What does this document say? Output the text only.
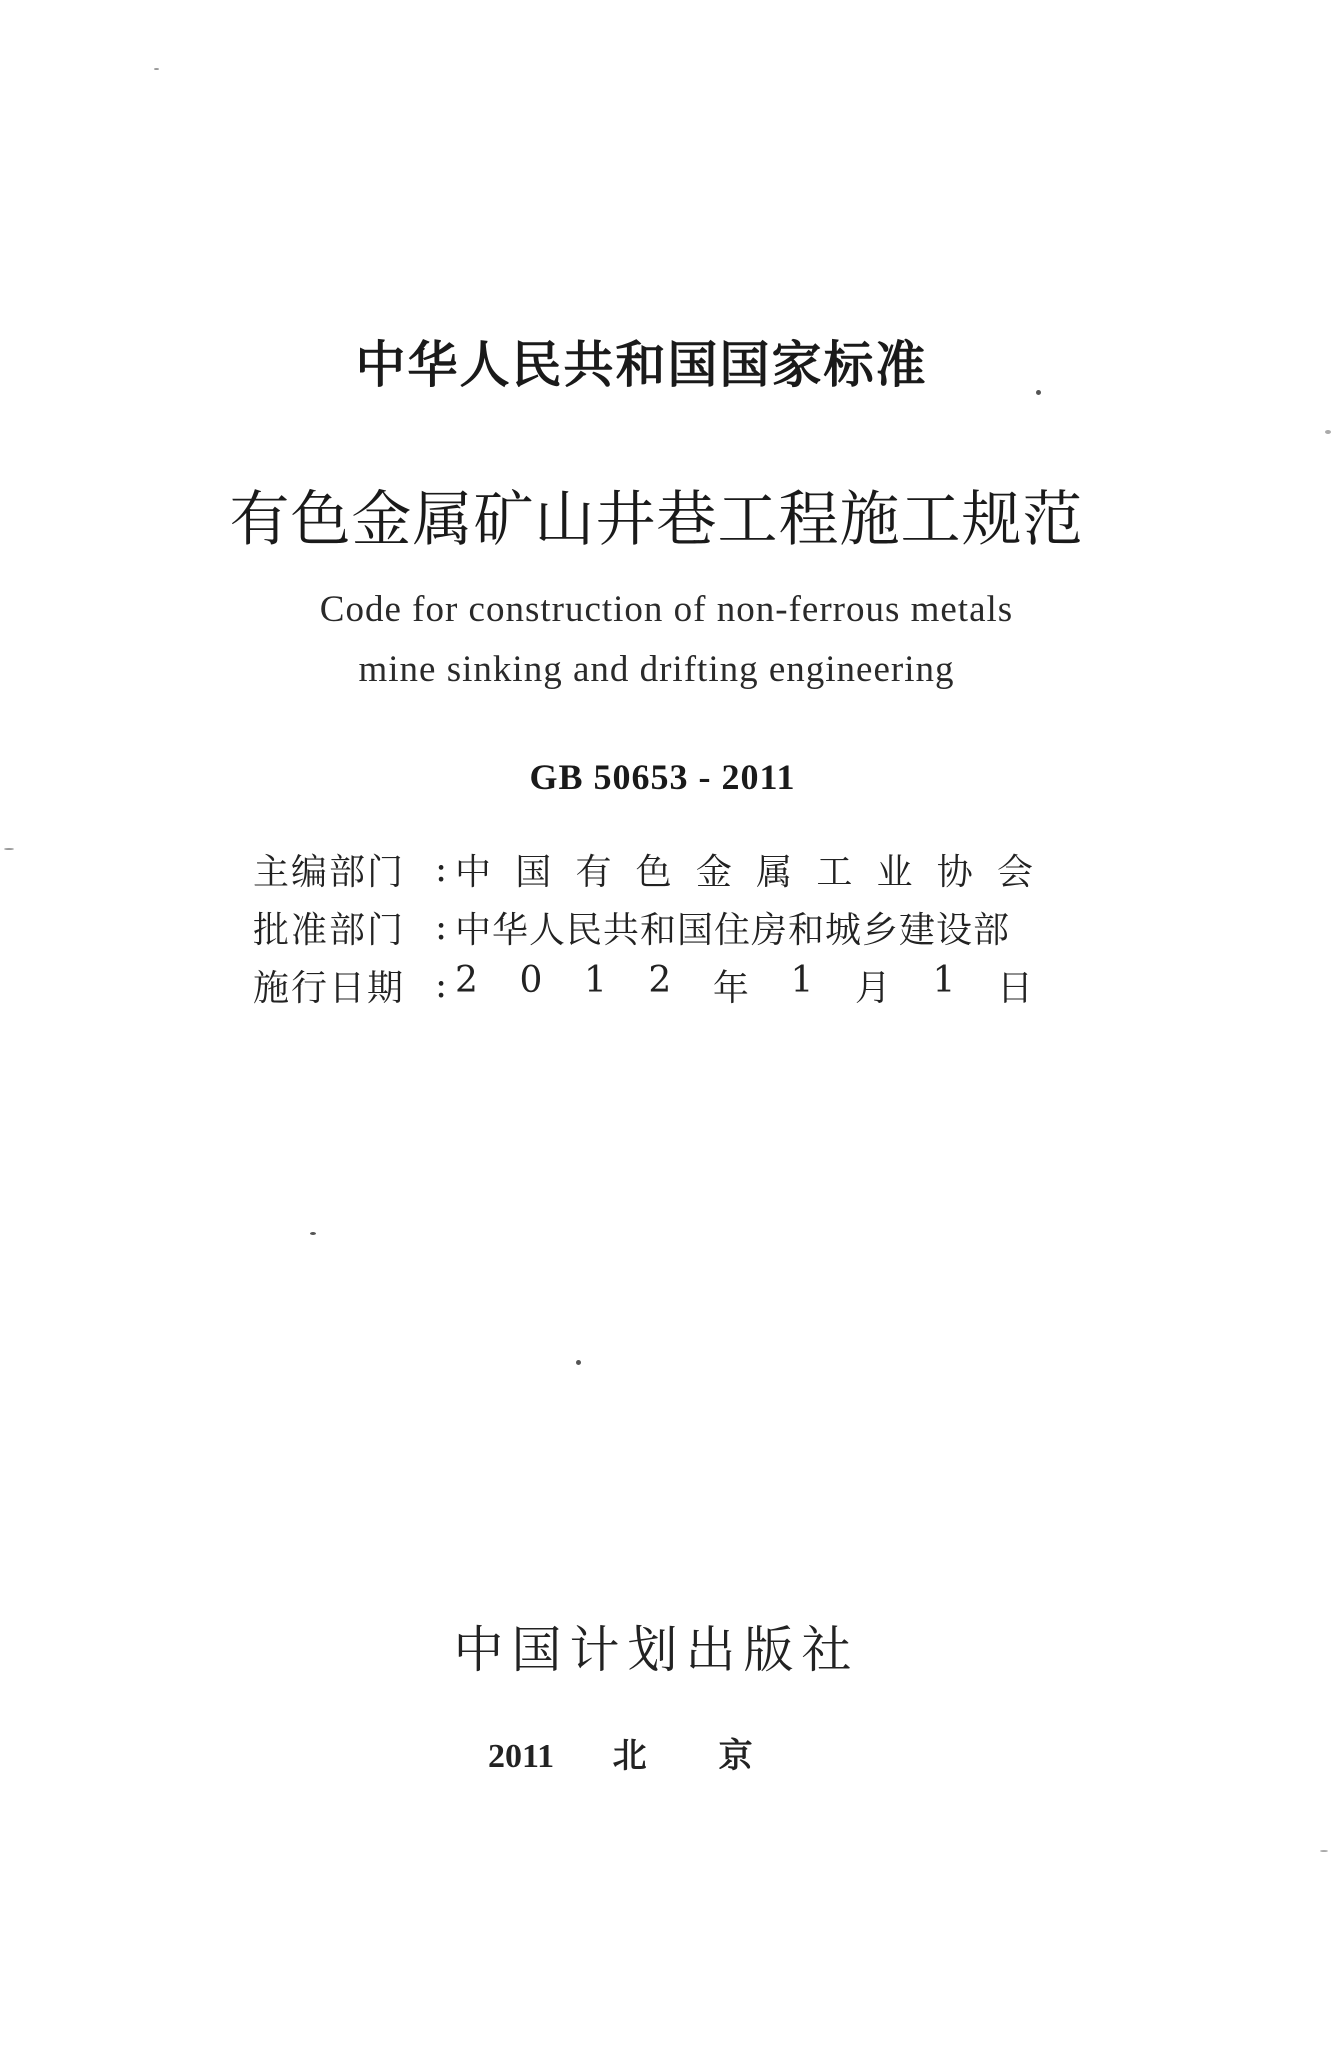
中华人民共和国国家标准
有色金属矿山井巷工程施工规范
Code for construction of non-ferrous metals
mine sinking and drifting engineering
GB 50653 - 2011
主编部门 : 中 国 有 色 金 属 工 业 协 会
批准部门 : 中华人民共和国住房和城乡建设部
施行日期 : 2 0 1 2 年 1 月 1 日
中国计划出版社
2011 北京
